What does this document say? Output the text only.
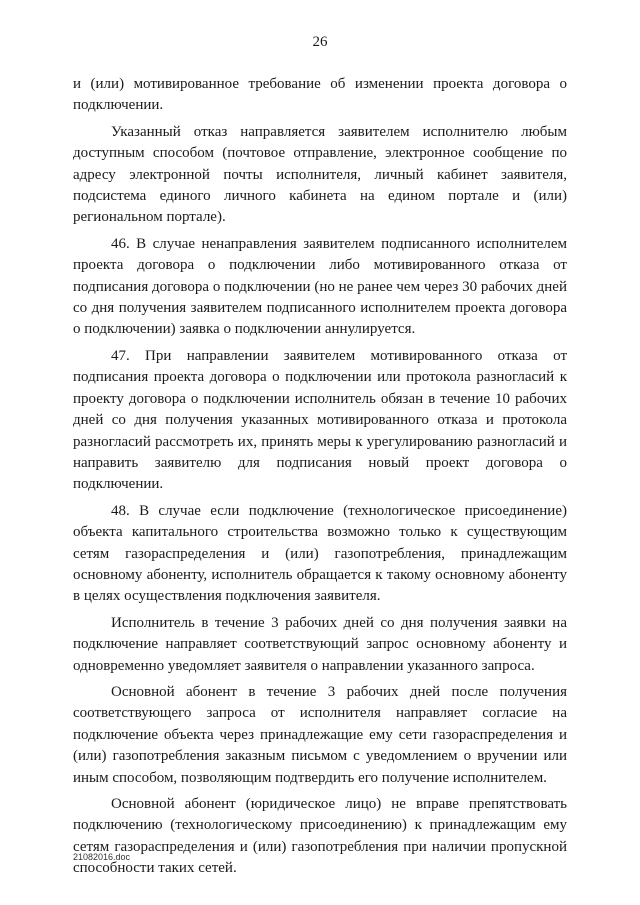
26

и (или) мотивированное требование об изменении проекта договора о подключении.

Указанный отказ направляется заявителем исполнителю любым доступным способом (почтовое отправление, электронное сообщение по адресу электронной почты исполнителя, личный кабинет заявителя, подсистема единого личного кабинета на едином портале и (или) региональном портале).

46. В случае ненаправления заявителем подписанного исполнителем проекта договора о подключении либо мотивированного отказа от подписания договора о подключении (но не ранее чем через 30 рабочих дней со дня получения заявителем подписанного исполнителем проекта договора о подключении) заявка о подключении аннулируется.

47. При направлении заявителем мотивированного отказа от подписания проекта договора о подключении или протокола разногласий к проекту договора о подключении исполнитель обязан в течение 10 рабочих дней со дня получения указанных мотивированного отказа и протокола разногласий рассмотреть их, принять меры к урегулированию разногласий и направить заявителю для подписания новый проект договора о подключении.

48. В случае если подключение (технологическое присоединение) объекта капитального строительства возможно только к существующим сетям газораспределения и (или) газопотребления, принадлежащим основному абоненту, исполнитель обращается к такому основному абоненту в целях осуществления подключения заявителя.

Исполнитель в течение 3 рабочих дней со дня получения заявки на подключение направляет соответствующий запрос основному абоненту и одновременно уведомляет заявителя о направлении указанного запроса.

Основной абонент в течение 3 рабочих дней после получения соответствующего запроса от исполнителя направляет согласие на подключение объекта через принадлежащие ему сети газораспределения и (или) газопотребления заказным письмом с уведомлением о вручении или иным способом, позволяющим подтвердить его получение исполнителем.

Основной абонент (юридическое лицо) не вправе препятствовать подключению (технологическому присоединению) к принадлежащим ему сетям газораспределения и (или) газопотребления при наличии пропускной способности таких сетей.

21082016.doc
